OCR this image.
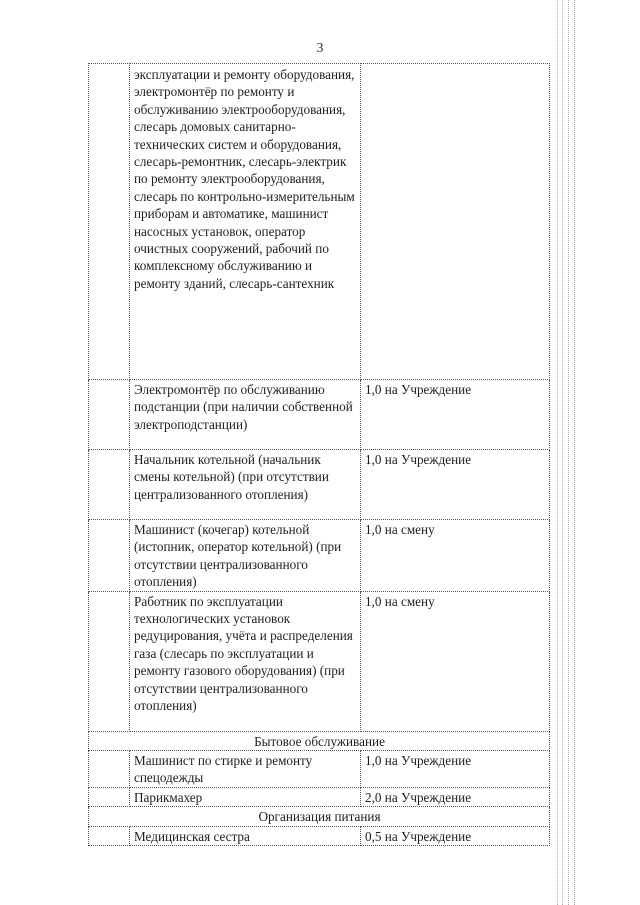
3
	эксплуатации и ремонту оборудования, электромонтёр по ремонту и обслуживанию электрооборудования, слесарь домовых санитарно-технических систем и оборудования, слесарь-ремонтник, слесарь-электрик по ремонту электрооборудования, слесарь по контрольно-измерительным приборам и автоматике, машинист насосных установок, оператор очистных сооружений, рабочий по комплексному обслуживанию и ремонту зданий, слесарь-сантехник	
	Электромонтёр по обслуживанию подстанции (при наличии собственной электроподстанции)	1,0 на Учреждение
	Начальник котельной (начальник смены котельной) (при отсутствии централизованного отопления)	1,0 на Учреждение
	Машинист (кочегар) котельной (истопник, оператор котельной) (при отсутствии централизованного отопления)	1,0 на смену
	Работник по эксплуатации технологических установок редуцирования, учёта и распределения газа (слесарь по эксплуатации и ремонту газового оборудования) (при отсутствии централизованного отопления)	1,0 на смену
Бытовое обслуживание		
	Машинист по стирке и ремонту спецодежды	1,0 на Учреждение
	Парикмахер	2,0 на Учреждение
Организация питания		
	Медицинская сестра	0,5 на Учреждение
